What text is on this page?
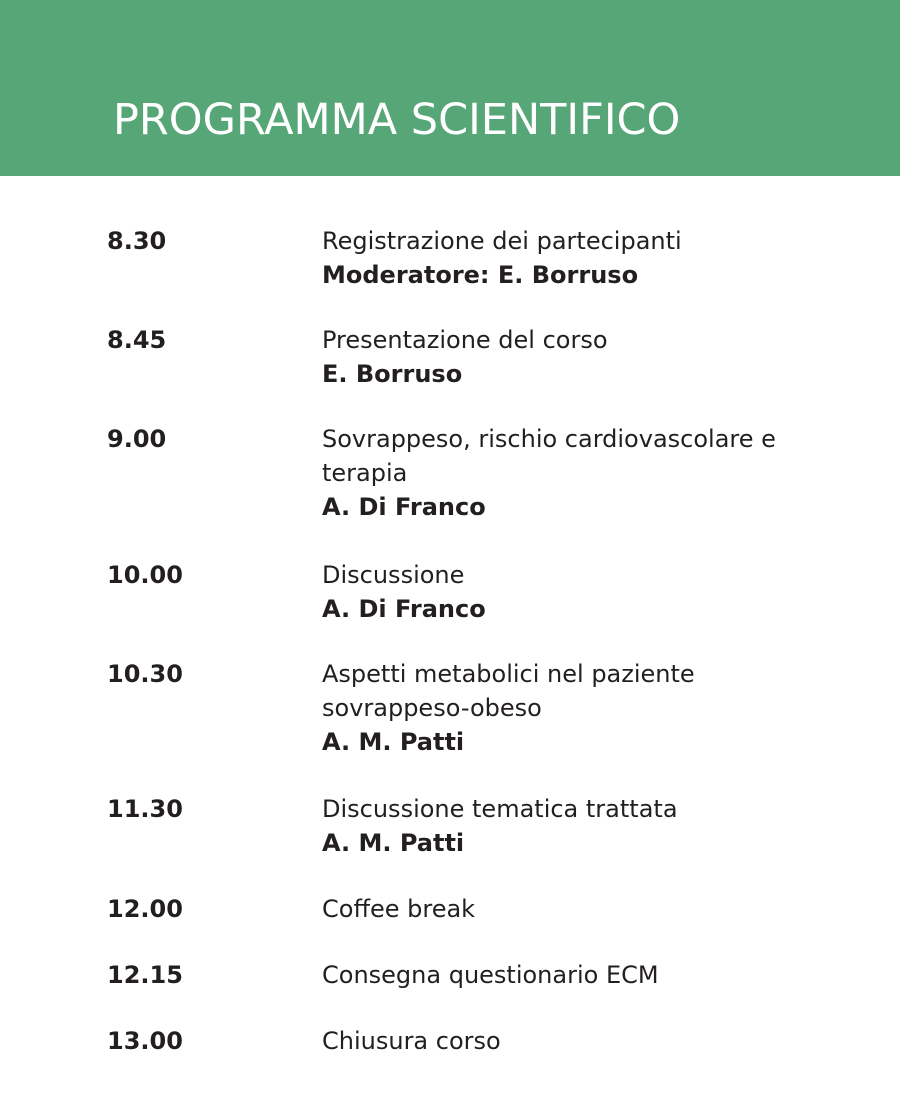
PROGRAMMA SCIENTIFICO
8.30	Registrazione dei partecipanti

Moderatore: E. Borruso

8.45	Presentazione del corso

E. Borruso

9.00	Sovrappeso, rischio cardiovascolare e

terapia

A. Di Franco

10.00	Discussione

A. Di Franco

10.30	Aspetti metabolici nel paziente

sovrappeso-obeso

A. M. Patti

11.30	Discussione tematica trattata

A. M. Patti

12.00	Coffee break

12.15	Consegna questionario ECM

13.00	Chiusura corso
